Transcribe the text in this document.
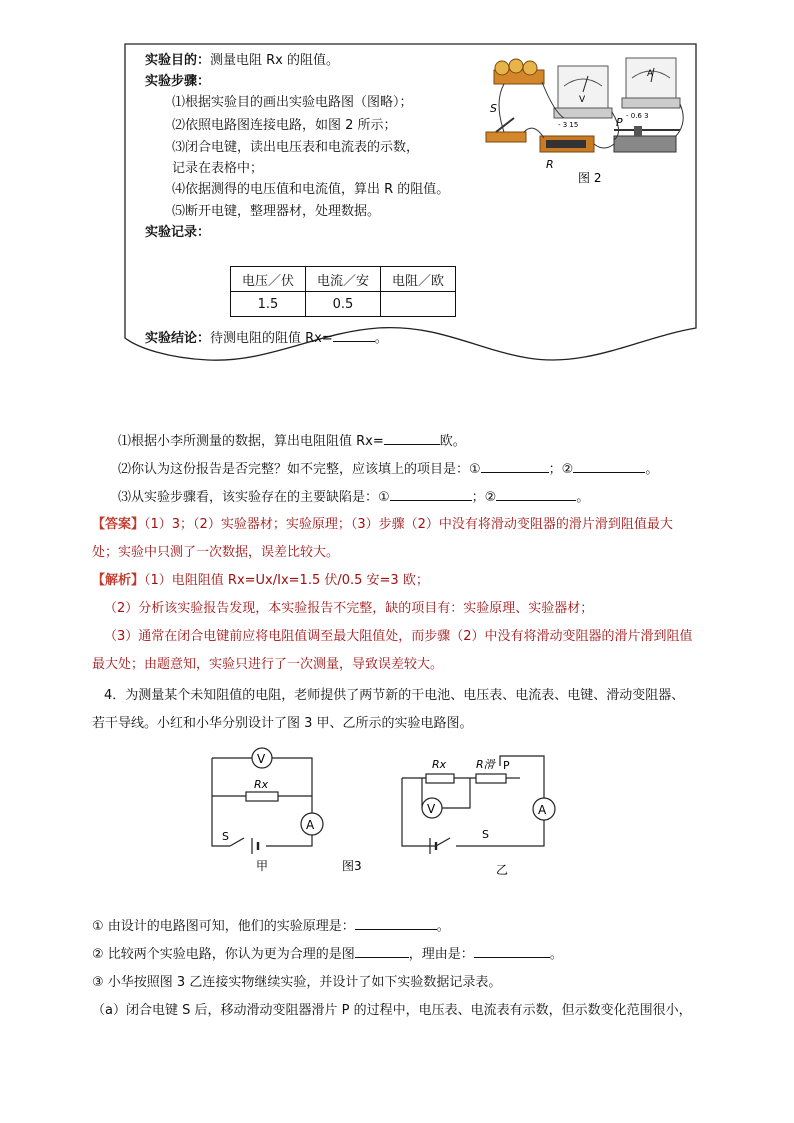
实验目的：测量电阻 Rx 的阻值。
实验步骤：
⑴根据实验目的画出实验电路图（图略）；
⑵依照电路图连接电路，如图 2 所示；
⑶闭合电键，读出电压表和电流表的示数，
记录在表格中；
⑷依据测得的电压值和电流值，算出 R 的阻值。
⑸断开电键，整理器材，处理数据。
实验记录：
电压／伏	电流／安	电阻／欧
1.5	0.5	
实验结论：待测电阻的阻值 Rx=	。
V
- 3 15
A
- 0.6 3
S
R
P
图 2
⑴根据小李所测量的数据，算出电阻阻值 Rx=	欧。
⑵你认为这份报告是否完整？如不完整，应该填上的项目是：①	；②	。
⑶从实验步骤看，该实验存在的主要缺陷是：①	；②	。
【答案】（1）3；（2）实验器材；实验原理；（3）步骤（2）中没有将滑动变阻器的滑片滑到阻值最大
处；实验中只测了一次数据，误差比较大。
【解析】（1）电阻阻值 Rx=Ux/Ix=1.5 伏/0.5 安=3 欧；
（2）分析该实验报告发现，本实验报告不完整，缺的项目有：实验原理、实验器材；
（3）通常在闭合电键前应将电阻值调至最大阻值处，而步骤（2）中没有将滑动变阻器的滑片滑到阻值
最大处；由题意知，实验只进行了一次测量，导致误差较大。
4．为测量某个未知阻值的电阻，老师提供了两节新的干电池、电压表、电流表、电键、滑动变阻器、
若干导线。小红和小华分别设计了图 3 甲、乙所示的实验电路图。
V
A
Rx
S
甲	图3
Rx	R滑 P
V	A
S
乙
① 由设计的电路图可知，他们的实验原理是：	。
② 比较两个实验电路，你认为更为合理的是图	，理由是：	。
③ 小华按照图 3 乙连接实物继续实验，并设计了如下实验数据记录表。
（a）闭合电键 S 后，移动滑动变阻器滑片 P 的过程中，电压表、电流表有示数，但示数变化范围很小，
